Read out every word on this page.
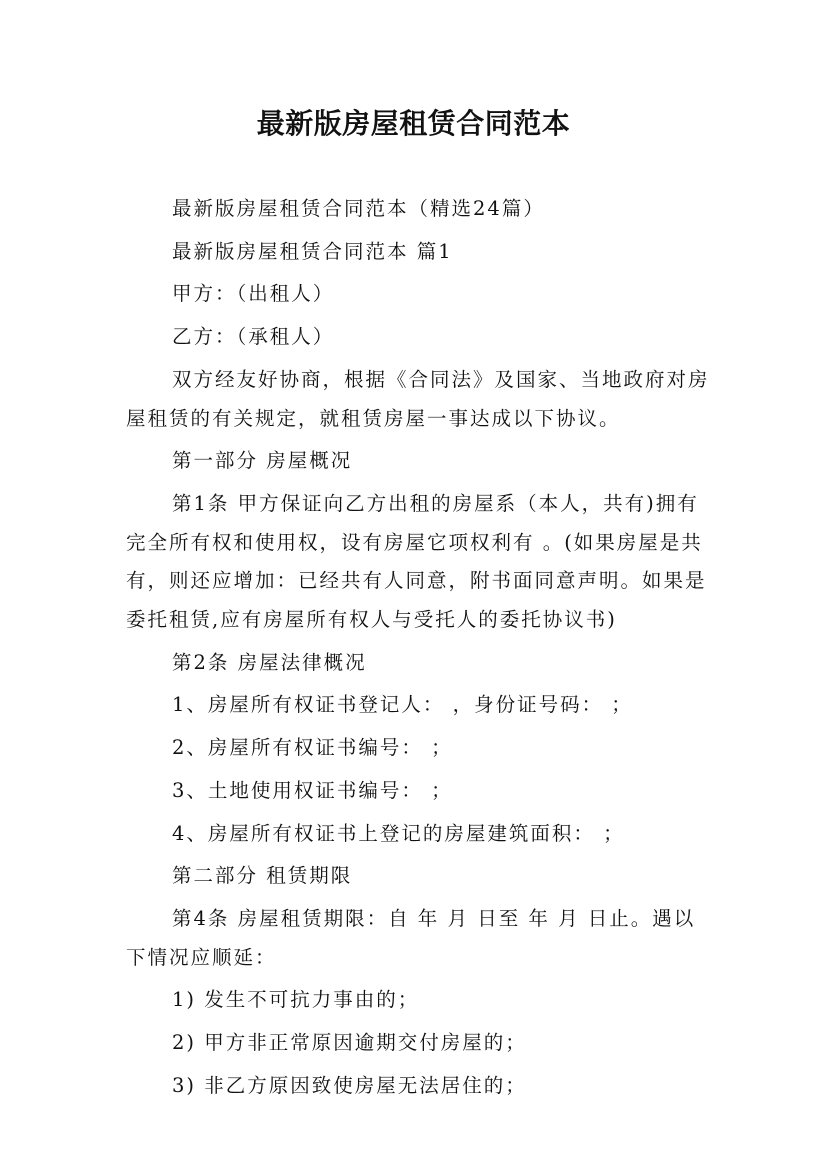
最新版房屋租赁合同范本

最新版房屋租赁合同范本（精选24篇）

最新版房屋租赁合同范本 篇1

甲方：（出租人）

乙方：（承租人）

双方经友好协商，根据《合同法》及国家、当地政府对房屋租赁的有关规定，就租赁房屋一事达成以下协议。

第一部分 房屋概况

第1条 甲方保证向乙方出租的房屋系（本人，共有)拥有完全所有权和使用权，设有房屋它项权利有 。(如果房屋是共有，则还应增加：已经共有人同意，附书面同意声明。如果是委托租赁,应有房屋所有权人与受托人的委托协议书)

第2条 房屋法律概况

1、房屋所有权证书登记人： ，身份证号码： ；

2、房屋所有权证书编号： ；

3、土地使用权证书编号： ；

4、房屋所有权证书上登记的房屋建筑面积： ；

第二部分 租赁期限

第4条 房屋租赁期限：自 年 月 日至 年 月 日止。遇以下情况应顺延：

1) 发生不可抗力事由的；

2) 甲方非正常原因逾期交付房屋的；

3) 非乙方原因致使房屋无法居住的；
